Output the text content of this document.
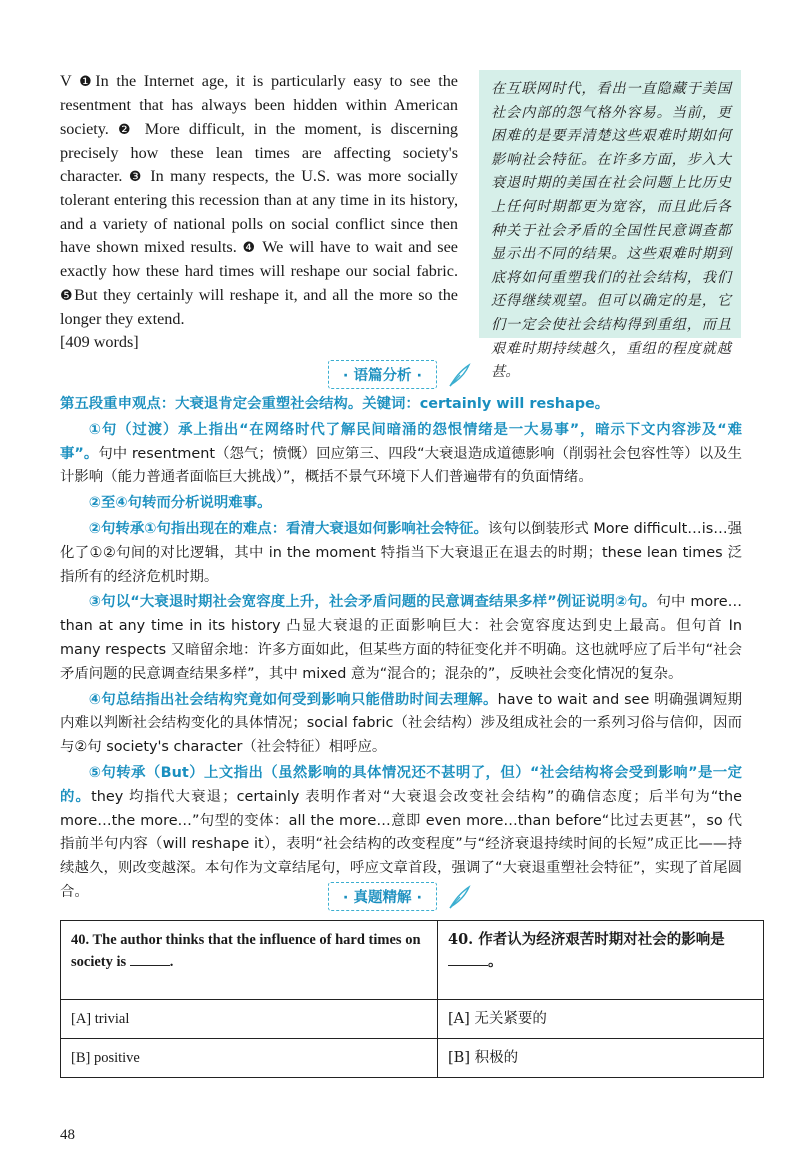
V ❶In the Internet age, it is particularly easy to see the resentment that has always been hidden within American society. ❷ More difficult, in the moment, is discerning precisely how these lean times are affecting society's character. ❸ In many respects, the U.S. was more socially tolerant entering this recession than at any time in its history, and a variety of national polls on social conflict since then have shown mixed results. ❹ We will have to wait and see exactly how these hard times will reshape our social fabric. ❺But they certainly will reshape it, and all the more so the longer they extend.
[409 words]
在互联网时代，看出一直隐藏于美国社会内部的怨气格外容易。当前，更困难的是要弄清楚这些艰难时期如何影响社会特征。在许多方面，步入大衰退时期的美国在社会问题上比历史上任何时期都更为宽容，而且此后各种关于社会矛盾的全国性民意调查都显示出不同的结果。这些艰难时期到底将如何重塑我们的社会结构，我们还得继续观望。但可以确定的是，它们一定会使社会结构得到重组，而且艰难时期持续越久，重组的程度就越甚。
· 语篇分析 ·

第五段重申观点：大衰退肯定会重塑社会结构。关键词：certainly will reshape。

①句（过渡）承上指出“在网络时代了解民间暗涌的怨恨情绪是一大易事”，暗示下文内容涉及“难事”。句中 resentment（怨气；愤慨）回应第三、四段“大衰退造成道德影响（削弱社会包容性等）以及生计影响（能力普通者面临巨大挑战）”，概括不景气环境下人们普遍带有的负面情绪。

②至④句转而分析说明难事。

②句转承①句指出现在的难点：看清大衰退如何影响社会特征。该句以倒装形式 More difficult…is…强化了①②句间的对比逻辑，其中 in the moment 特指当下大衰退正在退去的时期；these lean times 泛指所有的经济危机时期。

③句以“大衰退时期社会宽容度上升，社会矛盾问题的民意调查结果多样”例证说明②句。句中 more…than at any time in its history 凸显大衰退的正面影响巨大：社会宽容度达到史上最高。但句首 In many respects 又暗留余地：许多方面如此，但某些方面的特征变化并不明确。这也就呼应了后半句“社会矛盾问题的民意调查结果多样”，其中 mixed 意为“混合的；混杂的”，反映社会变化情况的复杂。

④句总结指出社会结构究竟如何受到影响只能借助时间去理解。have to wait and see 明确强调短期内难以判断社会结构变化的具体情况；social fabric（社会结构）涉及组成社会的一系列习俗与信仰，因而与②句 society's character（社会特征）相呼应。

⑤句转承（But）上文指出（虽然影响的具体情况还不甚明了，但）“社会结构将会受到影响”是一定的。they 均指代大衰退；certainly 表明作者对“大衰退会改变社会结构”的确信态度；后半句为“the more…the more…”句型的变体：all the more…意即 even more…than before“比过去更甚”，so 代指前半句内容（will reshape it），表明“社会结构的改变程度”与“经济衰退持续时间的长短”成正比——持续越久，则改变越深。本句作为文章结尾句，呼应文章首段，强调了“大衰退重塑社会特征”，实现了首尾圆合。	· 真题精解 ·
40. The author thinks that the influence of hard times on society is .	40. 作者认为经济艰苦时期对社会的影响是。
[A] trivial	[A] 无关紧要的
[B] positive	[B] 积极的
48
